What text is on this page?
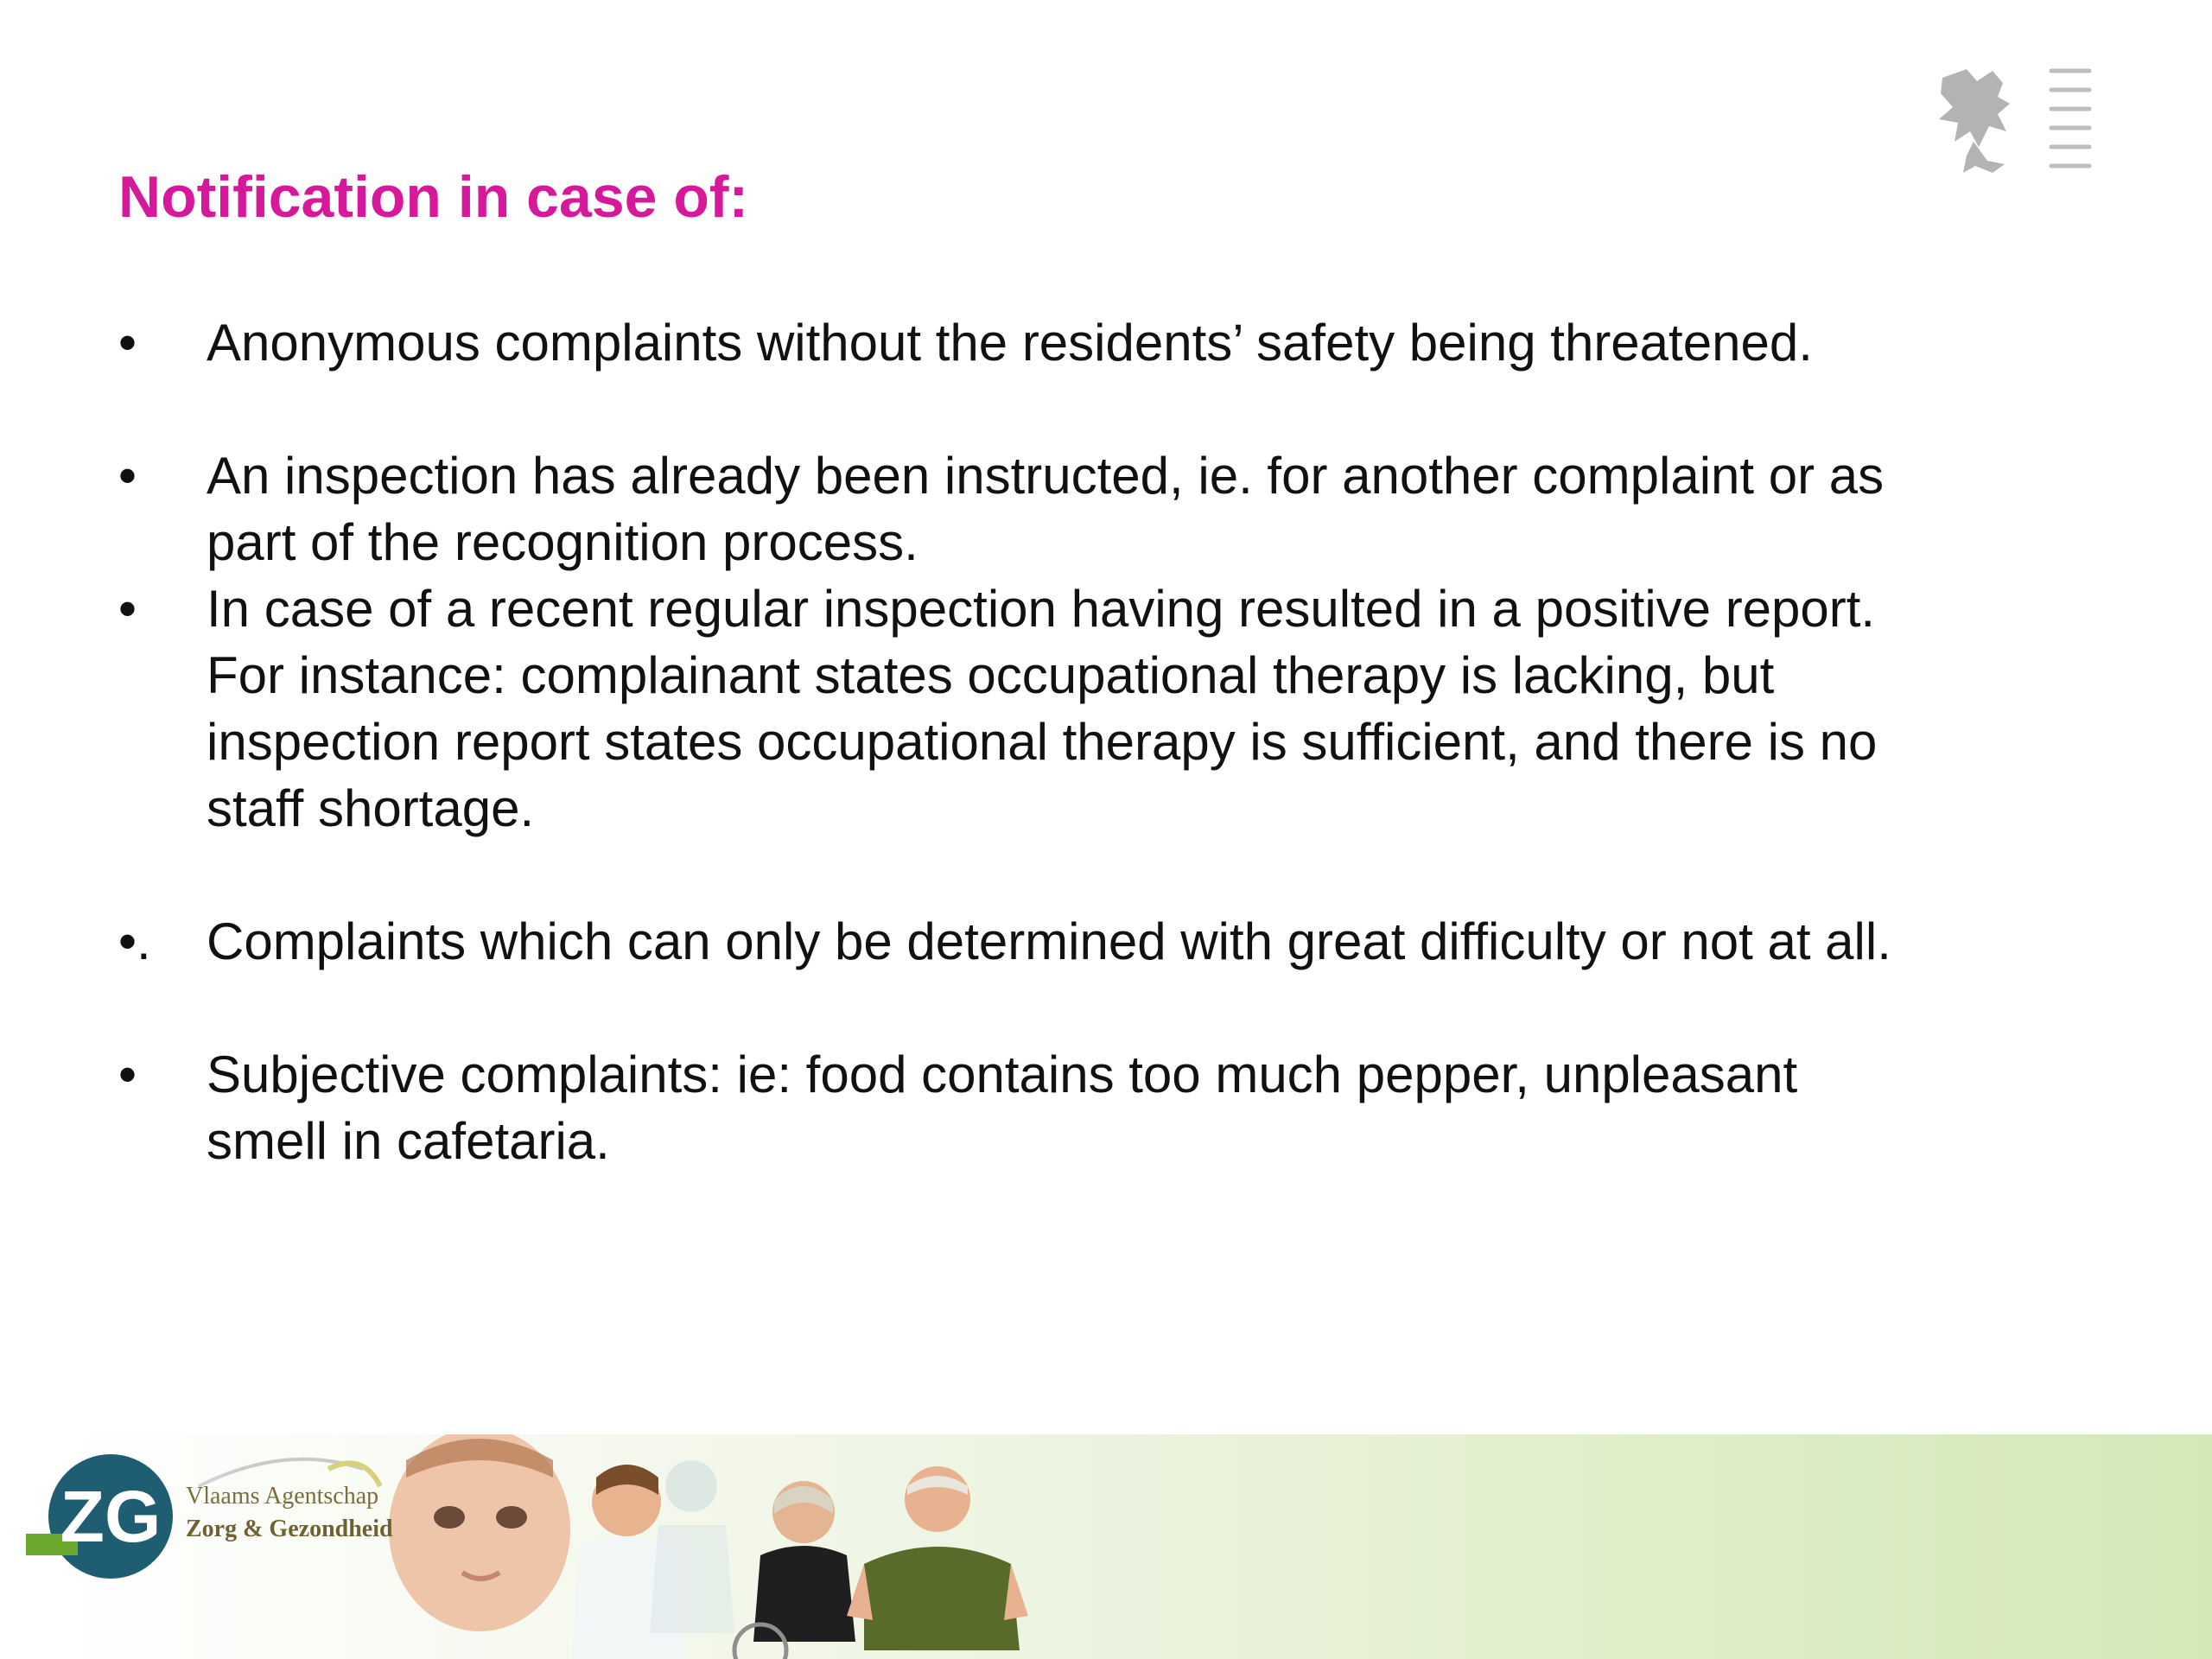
Notification in case of:
•	Anonymous complaints without the residents’ safety being threatened.
•	An inspection has already been instructed, ie. for another complaint or as part of the recognition process.
•	In case of a recent regular inspection having resulted in a positive report. For instance: complainant states occupational therapy is lacking, but inspection report states occupational therapy is sufficient, and there is no staff shortage.
•.	Complaints which can only be determined with great difficulty or not at all.
•	Subjective complaints: ie: food contains too much pepper, unpleasant smell in cafetaria.
ZG Vlaams Agentschap
Zorg & Gezondheid
